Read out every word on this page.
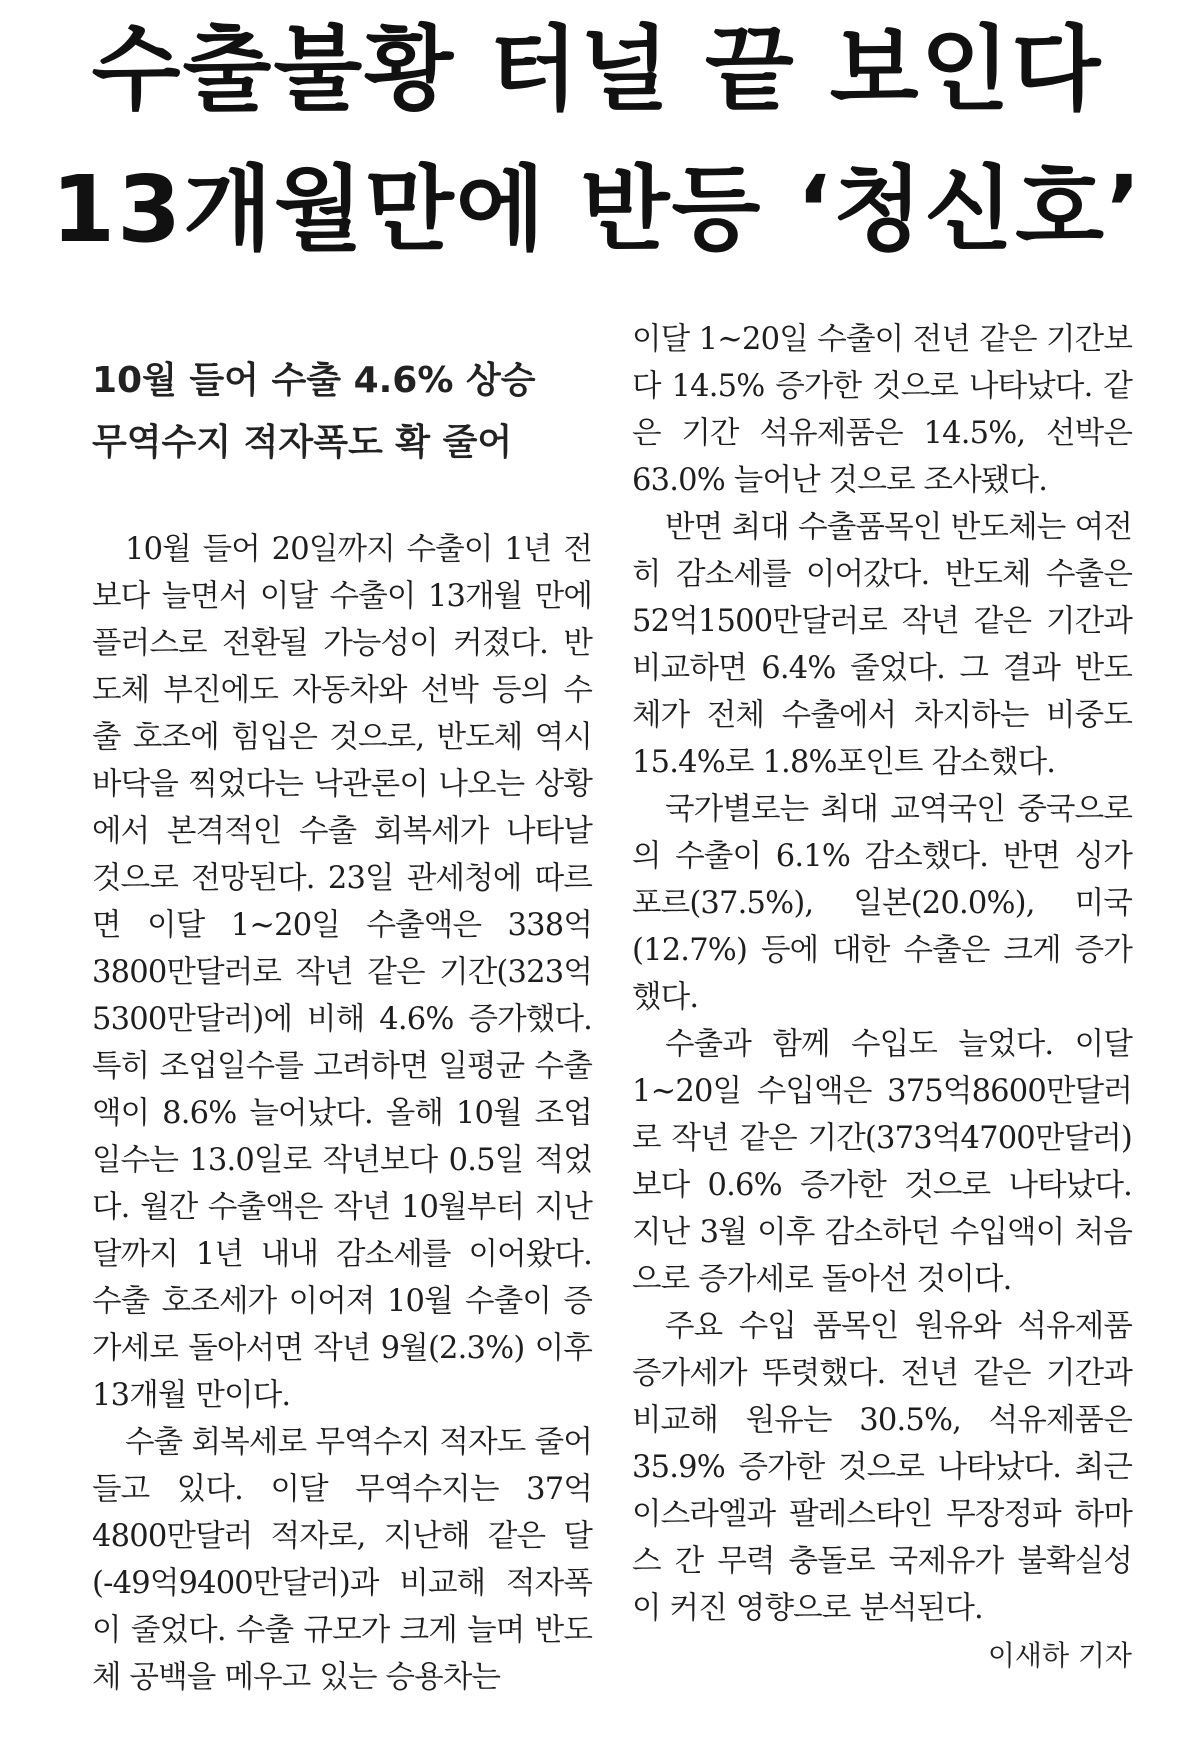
수출불황 터널 끝 보인다
13개월만에 반등 ‘청신호’
10월 들어 수출 4.6% 상승
무역수지 적자폭도 확 줄어

10월 들어 20일까지 수출이 1년 전보다 늘면서 이달 수출이 13개월 만에 플러스로 전환될 가능성이 커졌다. 반도체 부진에도 자동차와 선박 등의 수출 호조에 힘입은 것으로, 반도체 역시 바닥을 찍었다는 낙관론이 나오는 상황에서 본격적인 수출 회복세가 나타날 것으로 전망된다. 23일 관세청에 따르면 이달 1~20일 수출액은 338억3800만달러로 작년 같은 기간(323억5300만달러)에 비해 4.6% 증가했다. 특히 조업일수를 고려하면 일평균 수출액이 8.6% 늘어났다. 올해 10월 조업일수는 13.0일로 작년보다 0.5일 적었다. 월간 수출액은 작년 10월부터 지난달까지 1년 내내 감소세를 이어왔다. 수출 호조세가 이어져 10월 수출이 증가세로 돌아서면 작년 9월(2.3%) 이후 13개월 만이다.

수출 회복세로 무역수지 적자도 줄어들고 있다. 이달 무역수지는 37억4800만달러 적자로, 지난해 같은 달(-49억9400만달러)과 비교해 적자폭이 줄었다. 수출 규모가 크게 늘며 반도체 공백을 메우고 있는 승용차는

이달 1~20일 수출이 전년 같은 기간보다 14.5% 증가한 것으로 나타났다. 같은 기간 석유제품은 14.5%, 선박은 63.0% 늘어난 것으로 조사됐다.

반면 최대 수출품목인 반도체는 여전히 감소세를 이어갔다. 반도체 수출은 52억1500만달러로 작년 같은 기간과 비교하면 6.4% 줄었다. 그 결과 반도체가 전체 수출에서 차지하는 비중도 15.4%로 1.8%포인트 감소했다.

국가별로는 최대 교역국인 중국으로의 수출이 6.1% 감소했다. 반면 싱가포르(37.5%), 일본(20.0%), 미국(12.7%) 등에 대한 수출은 크게 증가했다.

수출과 함께 수입도 늘었다. 이달 1~20일 수입액은 375억8600만달러로 작년 같은 기간(373억4700만달러)보다 0.6% 증가한 것으로 나타났다. 지난 3월 이후 감소하던 수입액이 처음으로 증가세로 돌아선 것이다.

주요 수입 품목인 원유와 석유제품 증가세가 뚜렷했다. 전년 같은 기간과 비교해 원유는 30.5%, 석유제품은 35.9% 증가한 것으로 나타났다. 최근 이스라엘과 팔레스타인 무장정파 하마스 간 무력 충돌로 국제유가 불확실성이 커진 영향으로 분석된다.

이새하 기자
